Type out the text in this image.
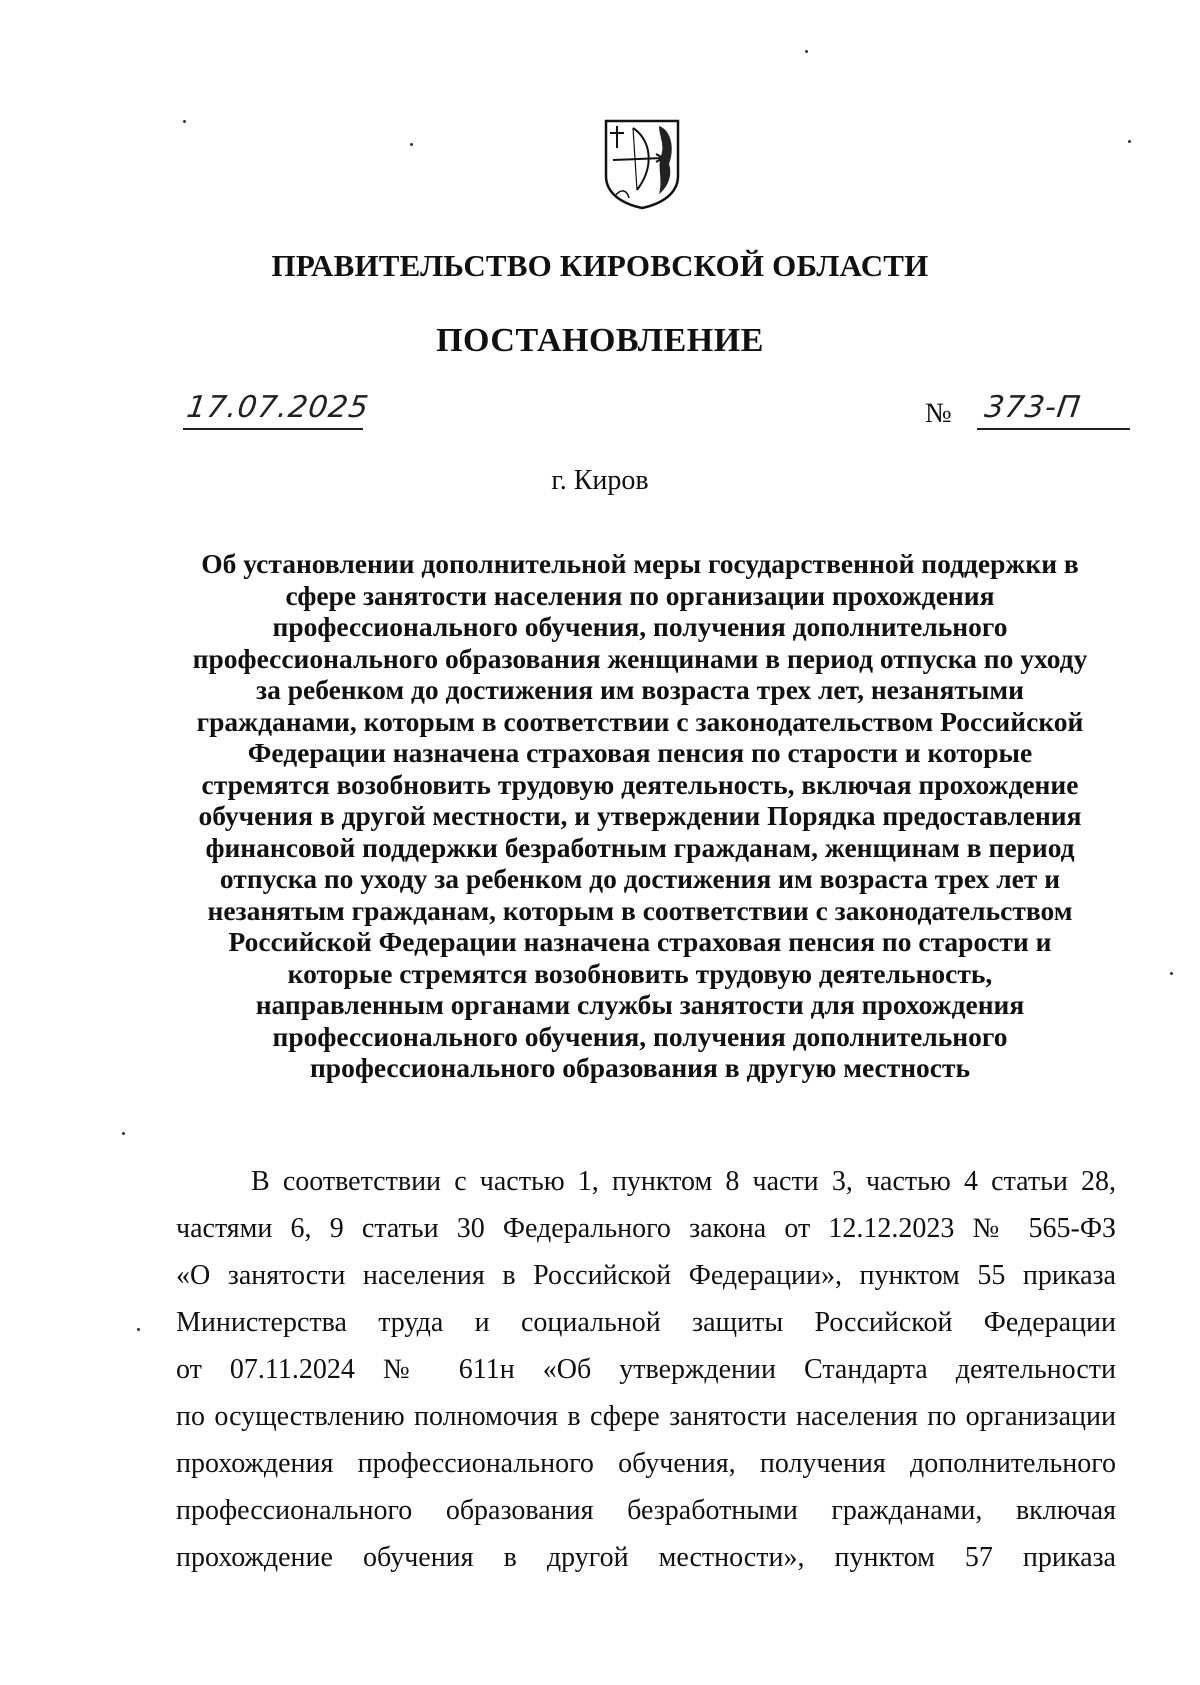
ПРАВИТЕЛЬСТВО КИРОВСКОЙ ОБЛАСТИ
ПОСТАНОВЛЕНИЕ
17.07.2025	№ 373-П
г. Киров
Об установлении дополнительной меры государственной поддержки в
сфере занятости населения по организации прохождения
профессионального обучения, получения дополнительного
профессионального образования женщинами в период отпуска по уходу
за ребенком до достижения им возраста трех лет, незанятыми
гражданами, которым в соответствии с законодательством Российской
Федерации назначена страховая пенсия по старости и которые
стремятся возобновить трудовую деятельность, включая прохождение
обучения в другой местности, и утверждении Порядка предоставления
финансовой поддержки безработным гражданам, женщинам в период
отпуска по уходу за ребенком до достижения им возраста трех лет и
незанятым гражданам, которым в соответствии с законодательством
Российской Федерации назначена страховая пенсия по старости и
которые стремятся возобновить трудовую деятельность,
направленным органами службы занятости для прохождения
профессионального обучения, получения дополнительного
профессионального образования в другую местность
В соответствии с частью 1, пунктом 8 части 3, частью 4 статьи 28,
частями 6, 9 статьи 30 Федерального закона от 12.12.2023 № 565-ФЗ
«О занятости населения в Российской Федерации», пунктом 55 приказа
Министерства труда и социальной защиты Российской Федерации
от 07.11.2024 № 611н «Об утверждении Стандарта деятельности
по осуществлению полномочия в сфере занятости населения по организации
прохождения профессионального обучения, получения дополнительного
профессионального образования безработными гражданами, включая
прохождение обучения в другой местности», пунктом 57 приказа
